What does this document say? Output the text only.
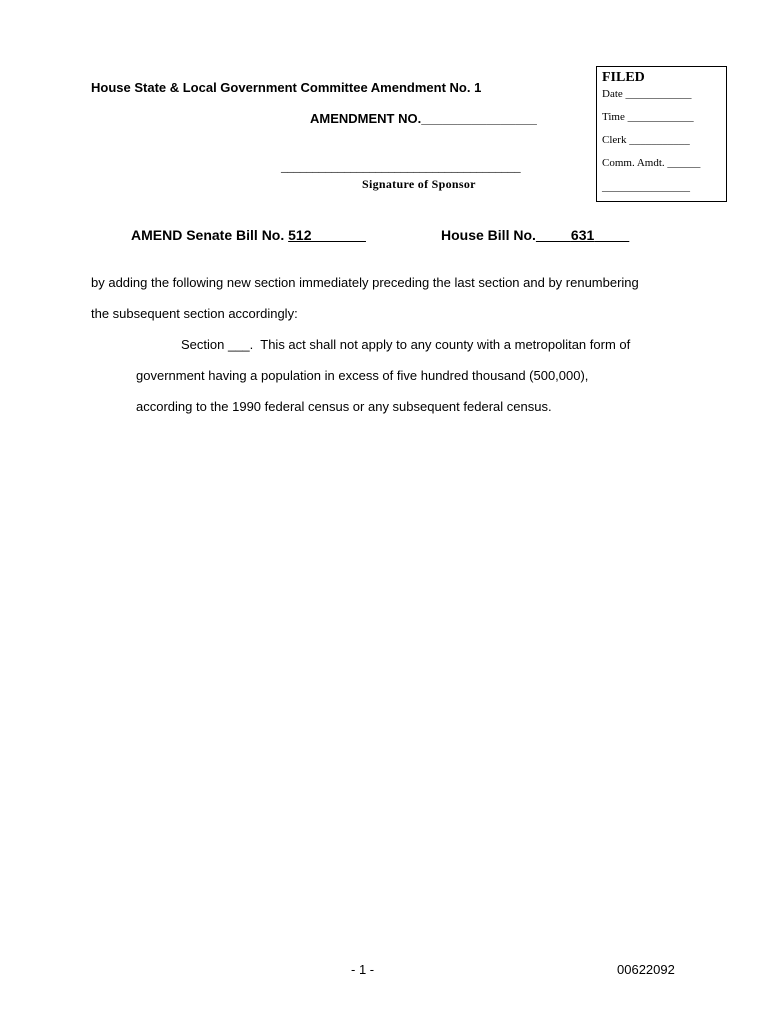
House State & Local Government Committee Amendment No. 1
AMENDMENT NO.________________
FILED
Date ____________
Time ____________
Clerk ___________
Comm. Amdt. ______
________________
______________________________________
Signature of Sponsor
AMEND Senate Bill No. 512	House Bill No.	631
by adding the following new section immediately preceding the last section and by renumbering
the subsequent section accordingly:
Section ___.  This act shall not apply to any county with a metropolitan form of
government having a population in excess of five hundred thousand (500,000),
according to the 1990 federal census or any subsequent federal census.
- 1 -	00622092
